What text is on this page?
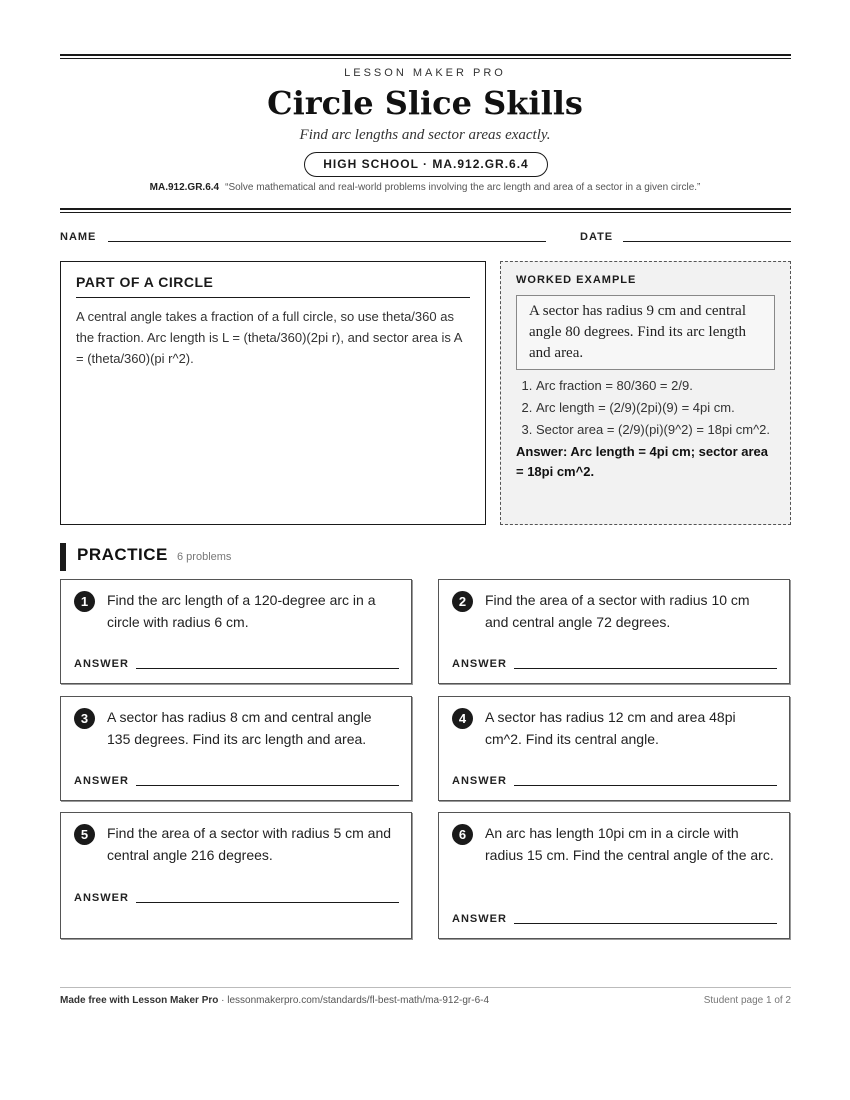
LESSON MAKER PRO
Circle Slice Skills
Find arc lengths and sector areas exactly.
HIGH SCHOOL · MA.912.GR.6.4
MA.912.GR.6.4 “Solve mathematical and real-world problems involving the arc length and area of a sector in a given circle.”
NAME	DATE
PART OF A CIRCLE

A central angle takes a fraction of a full circle, so use theta/360 as the fraction. Arc length is L = (theta/360)(2pi r), and sector area is A = (theta/360)(pi r^2).

WORKED EXAMPLE

A sector has radius 9 cm and central angle 80 degrees. Find its arc length and area.

1. Arc fraction = 80/360 = 2/9.
2. Arc length = (2/9)(2pi)(9) = 4pi cm.
3. Sector area = (2/9)(pi)(9^2) = 18pi cm^2.

Answer: Arc length = 4pi cm; sector area = 18pi cm^2.

PRACTICE 6 problems
1	Find the arc length of a 120-degree arc in a circle with radius 6 cm.

ANSWER
2	Find the area of a sector with radius 10 cm and central angle 72 degrees.

ANSWER
3	A sector has radius 8 cm and central angle 135 degrees. Find its arc length and area.

ANSWER
4	A sector has radius 12 cm and area 48pi cm^2. Find its central angle.

ANSWER
5	Find the area of a sector with radius 5 cm and central angle 216 degrees.

ANSWER
6	An arc has length 10pi cm in a circle with radius 15 cm. Find the central angle of the arc.

ANSWER
Made free with Lesson Maker Pro · lessonmakerpro.com/standards/fl-best-math/ma-912-gr-6-4	Student page 1 of 2
